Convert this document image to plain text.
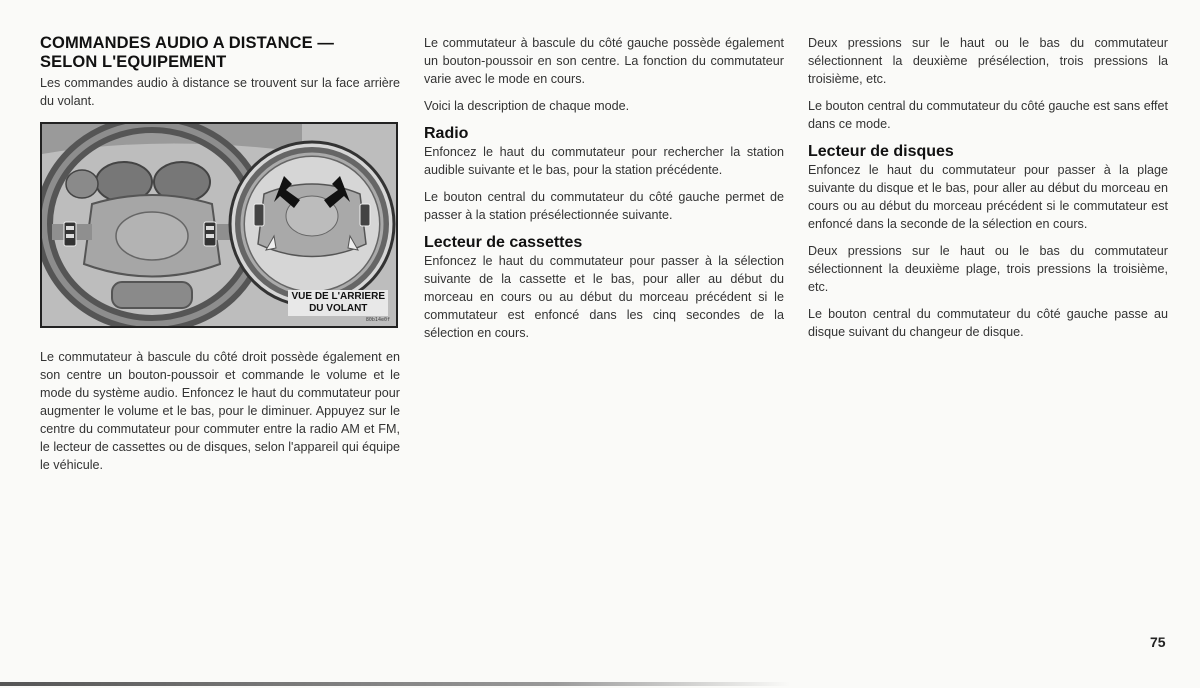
COMMANDES AUDIO A DISTANCE —
SELON L'EQUIPEMENT

Les commandes audio à distance se trouvent sur la face arrière du volant.

VUE DE L'ARRIERE
DU VOLANT
80b14e0f

Le commutateur à bascule du côté droit possède également en son centre un bouton-poussoir et commande le volume et le mode du système audio. Enfoncez le haut du commutateur pour augmenter le volume et le bas, pour le diminuer. Appuyez sur le centre du commutateur pour commuter entre la radio AM et FM, le lecteur de cassettes ou de disques, selon l'appareil qui équipe le véhicule.

Le commutateur à bascule du côté gauche possède également un bouton-poussoir en son centre. La fonction du commutateur varie avec le mode en cours.

Voici la description de chaque mode.

Radio

Enfoncez le haut du commutateur pour rechercher la station audible suivante et le bas, pour la station précédente.

Le bouton central du commutateur du côté gauche permet de passer à la station présélectionnée suivante.

Lecteur de cassettes

Enfoncez le haut du commutateur pour passer à la sélection suivante de la cassette et le bas, pour aller au début du morceau en cours ou au début du morceau précédent si le commutateur est enfoncé dans les cinq secondes de la sélection en cours.

Deux pressions sur le haut ou le bas du commutateur sélectionnent la deuxième présélection, trois pressions la troisième, etc.

Le bouton central du commutateur du côté gauche est sans effet dans ce mode.

Lecteur de disques

Enfoncez le haut du commutateur pour passer à la plage suivante du disque et le bas, pour aller au début du morceau en cours ou au début du morceau précédent si le commutateur est enfoncé dans la seconde de la sélection en cours.

Deux pressions sur le haut ou le bas du commutateur sélectionnent la deuxième plage, trois pressions la troisième, etc.

Le bouton central du commutateur du côté gauche passe au disque suivant du changeur de disque.

75
